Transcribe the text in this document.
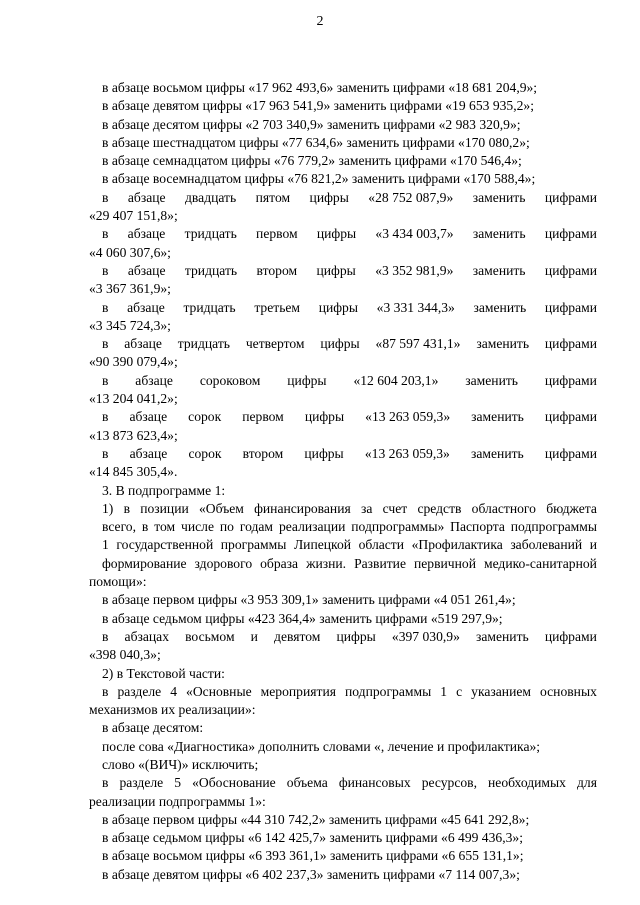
2
в абзаце восьмом цифры «17 962 493,6» заменить цифрами «18 681 204,9»;
в абзаце девятом цифры «17 963 541,9» заменить цифрами «19 653 935,2»;
в абзаце десятом цифры «2 703 340,9» заменить цифрами «2 983 320,9»;
в абзаце шестнадцатом цифры «77 634,6» заменить цифрами «170 080,2»;
в абзаце семнадцатом цифры «76 779,2» заменить цифрами «170 546,4»;
в абзаце восемнадцатом цифры «76 821,2» заменить цифрами «170 588,4»;
в абзаце двадцать пятом цифры «28 752 087,9» заменить цифрами
«29 407 151,8»;
в абзаце тридцать первом цифры «3 434 003,7» заменить цифрами
«4 060 307,6»;
в абзаце тридцать втором цифры «3 352 981,9» заменить цифрами
«3 367 361,9»;
в абзаце тридцать третьем цифры «3 331 344,3» заменить цифрами
«3 345 724,3»;
в абзаце тридцать четвертом цифры «87 597 431,1» заменить цифрами
«90 390 079,4»;
в абзаце сороковом цифры «12 604 203,1» заменить цифрами
«13 204 041,2»;
в абзаце сорок первом цифры «13 263 059,3» заменить цифрами
«13 873 623,4»;
в абзаце сорок втором цифры «13 263 059,3» заменить цифрами
«14 845 305,4».
3. В подпрограмме 1:
1) в позиции «Объем финансирования за счет средств областного бюджета
всего, в том числе по годам реализации подпрограммы» Паспорта подпрограммы
1 государственной программы Липецкой области «Профилактика заболеваний и
формирование здорового образа жизни. Развитие первичной медико-санитарной
помощи»:
в абзаце первом цифры «3 953 309,1» заменить цифрами «4 051 261,4»;
в абзаце седьмом цифры «423 364,4» заменить цифрами «519 297,9»;
в абзацах восьмом и девятом цифры «397 030,9» заменить цифрами
«398 040,3»;
2) в Текстовой части:
в разделе 4 «Основные мероприятия подпрограммы 1 с указанием основных
механизмов их реализации»:
в абзаце десятом:
после сова «Диагностика» дополнить словами «, лечение и профилактика»;
слово «(ВИЧ)» исключить;
в разделе 5 «Обоснование объема финансовых ресурсов, необходимых для
реализации подпрограммы 1»:
в абзаце первом цифры «44 310 742,2» заменить цифрами «45 641 292,8»;
в абзаце седьмом цифры «6 142 425,7» заменить цифрами «6 499 436,3»;
в абзаце восьмом цифры «6 393 361,1» заменить цифрами «6 655 131,1»;
в абзаце девятом цифры «6 402 237,3» заменить цифрами «7 114 007,3»;
